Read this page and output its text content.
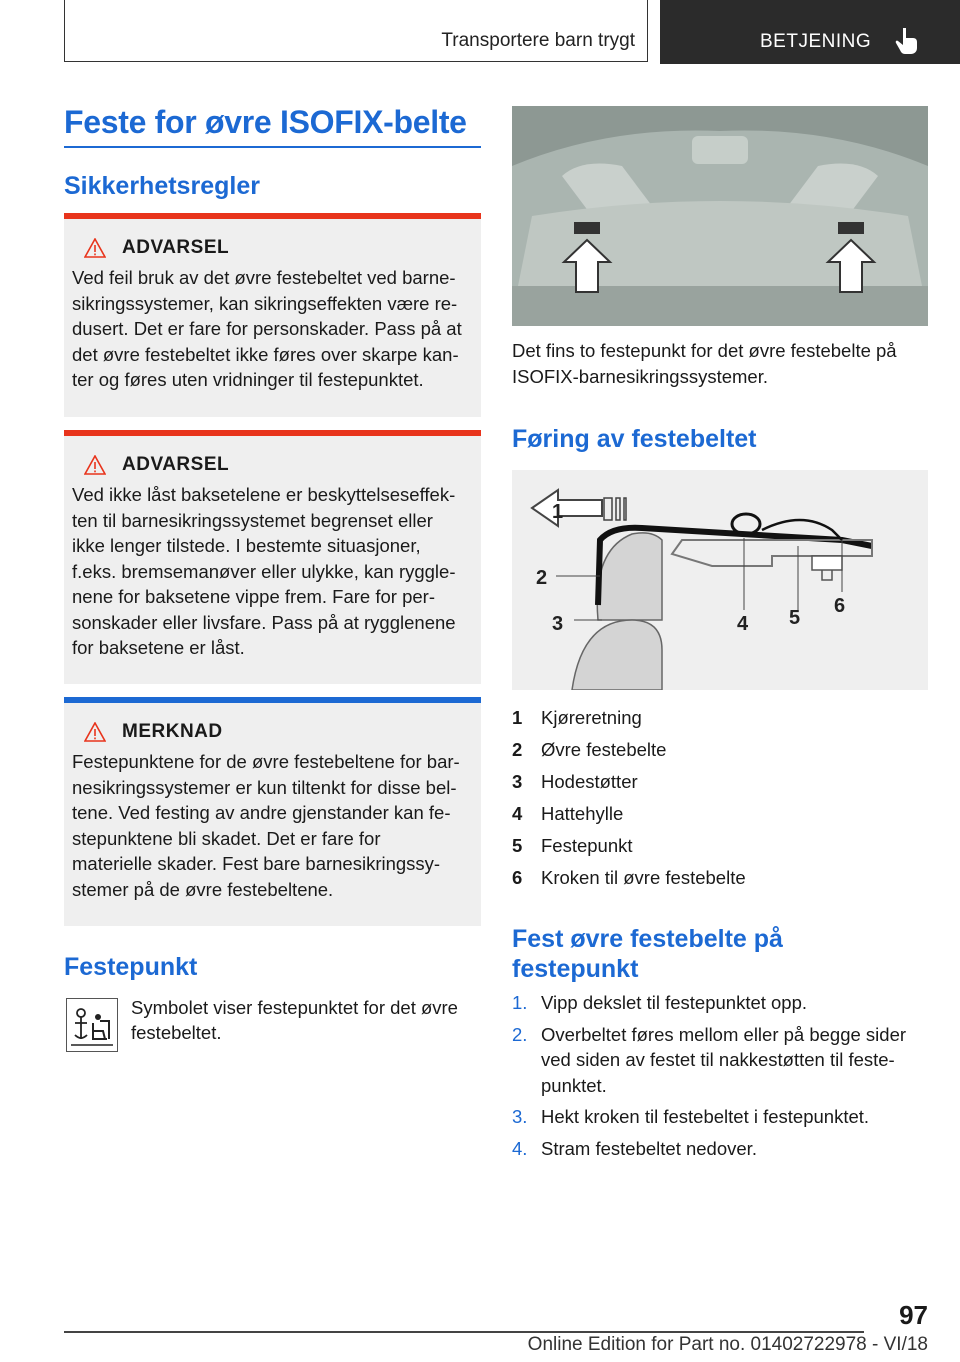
Transportere barn trygt	BETJENING
Feste for øvre ISOFIX-belte
Sikkerhetsregler
ADVARSEL
Ved feil bruk av det øvre festebeltet ved barne-
sikringssystemer, kan sikringseffekten være re-
dusert. Det er fare for personskader. Pass på at
det øvre festebeltet ikke føres over skarpe kan-
ter og føres uten vridninger til festepunktet.
ADVARSEL
Ved ikke låst baksetelene er beskyttelseseffek-
ten til barnesikringssystemet begrenset eller
ikke lenger tilstede. I bestemte situasjoner,
f.eks. bremsemanøver eller ulykke, kan ryggle-
nene for baksetene vippe frem. Fare for per-
sonskader eller livsfare. Pass på at rygglenene
for baksetene er låst.
MERKNAD
Festepunktene for de øvre festebeltene for bar-
nesikringssystemer er kun tiltenkt for disse bel-
tene. Ved festing av andre gjenstander kan fe-
stepunktene bli skadet. Det er fare for
materielle skader. Fest bare barnesikringssy-
stemer på de øvre festebeltene.
Festepunkt
Symbolet viser festepunktet for det øvre
festebeltet.
Det fins to festepunkt for det øvre festebelte på
ISOFIX-barnesikringssystemer.
Føring av festebeltet
1
2
3	4 5
6
1	Kjøreretning
2	Øvre festebelte
3	Hodestøtter
4	Hattehylle
5	Festepunkt
6	Kroken til øvre festebelte
Fest øvre festebelte på
festepunkt
1. Vipp dekslet til festepunktet opp.
2. Overbeltet føres mellom eller på begge sider
ved siden av festet til nakkestøtten til feste-
punktet.
3. Hekt kroken til festebeltet i festepunktet.
4. Stram festebeltet nedover.
97
Online Edition for Part no. 01402722978 - VI/18
